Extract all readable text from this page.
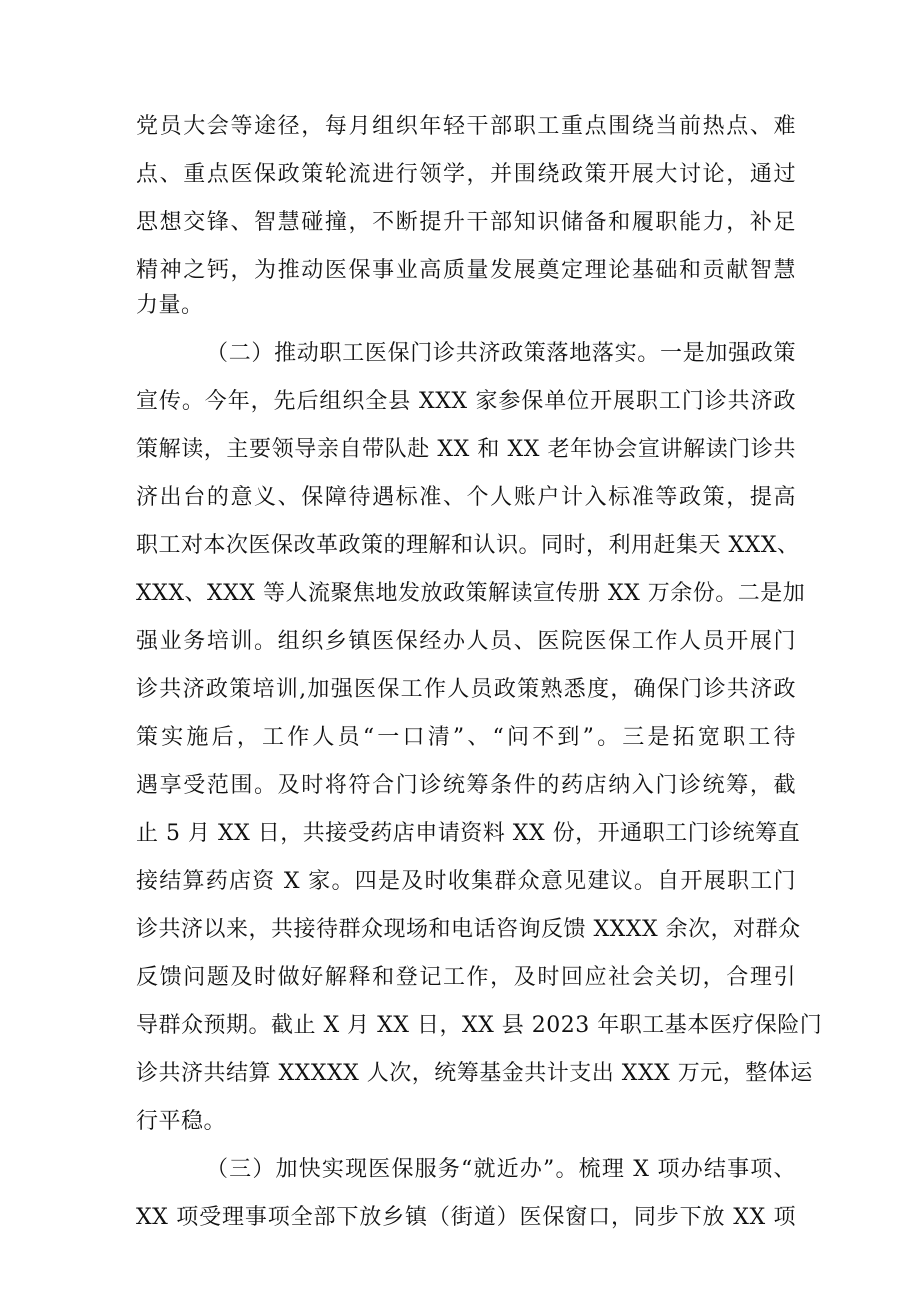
党员大会等途径，每月组织年轻干部职工重点围绕当前热点、难
点、重点医保政策轮流进行领学，并围绕政策开展大讨论，通过
思想交锋、智慧碰撞，不断提升干部知识储备和履职能力，补足
精神之钙，为推动医保事业高质量发展奠定理论基础和贡献智慧
力量。
（二）推动职工医保门诊共济政策落地落实。一是加强政策
宣传。今年，先后组织全县 XXX 家参保单位开展职工门诊共济政
策解读，主要领导亲自带队赴 XX 和 XX 老年协会宣讲解读门诊共
济出台的意义、保障待遇标准、个人账户计入标准等政策，提高
职工对本次医保改革政策的理解和认识。同时，利用赶集天 XXX、
XXX、XXX 等人流聚焦地发放政策解读宣传册 XX 万余份。二是加
强业务培训。组织乡镇医保经办人员、医院医保工作人员开展门
诊共济政策培训,加强医保工作人员政策熟悉度，确保门诊共济政
策实施后，工作人员“一口清”、“问不到”。三是拓宽职工待
遇享受范围。及时将符合门诊统筹条件的药店纳入门诊统筹，截
止 5 月 XX 日，共接受药店申请资料 XX 份，开通职工门诊统筹直
接结算药店资 X 家。四是及时收集群众意见建议。自开展职工门
诊共济以来，共接待群众现场和电话咨询反馈 XXXX 余次，对群众
反馈问题及时做好解释和登记工作，及时回应社会关切，合理引
导群众预期。截止 X 月 XX 日，XX 县 2023 年职工基本医疗保险门
诊共济共结算 XXXXX 人次，统筹基金共计支出 XXX 万元，整体运
行平稳。
（三）加快实现医保服务“就近办”。梳理 X 项办结事项、
XX 项受理事项全部下放乡镇（街道）医保窗口，同步下放 XX 项
